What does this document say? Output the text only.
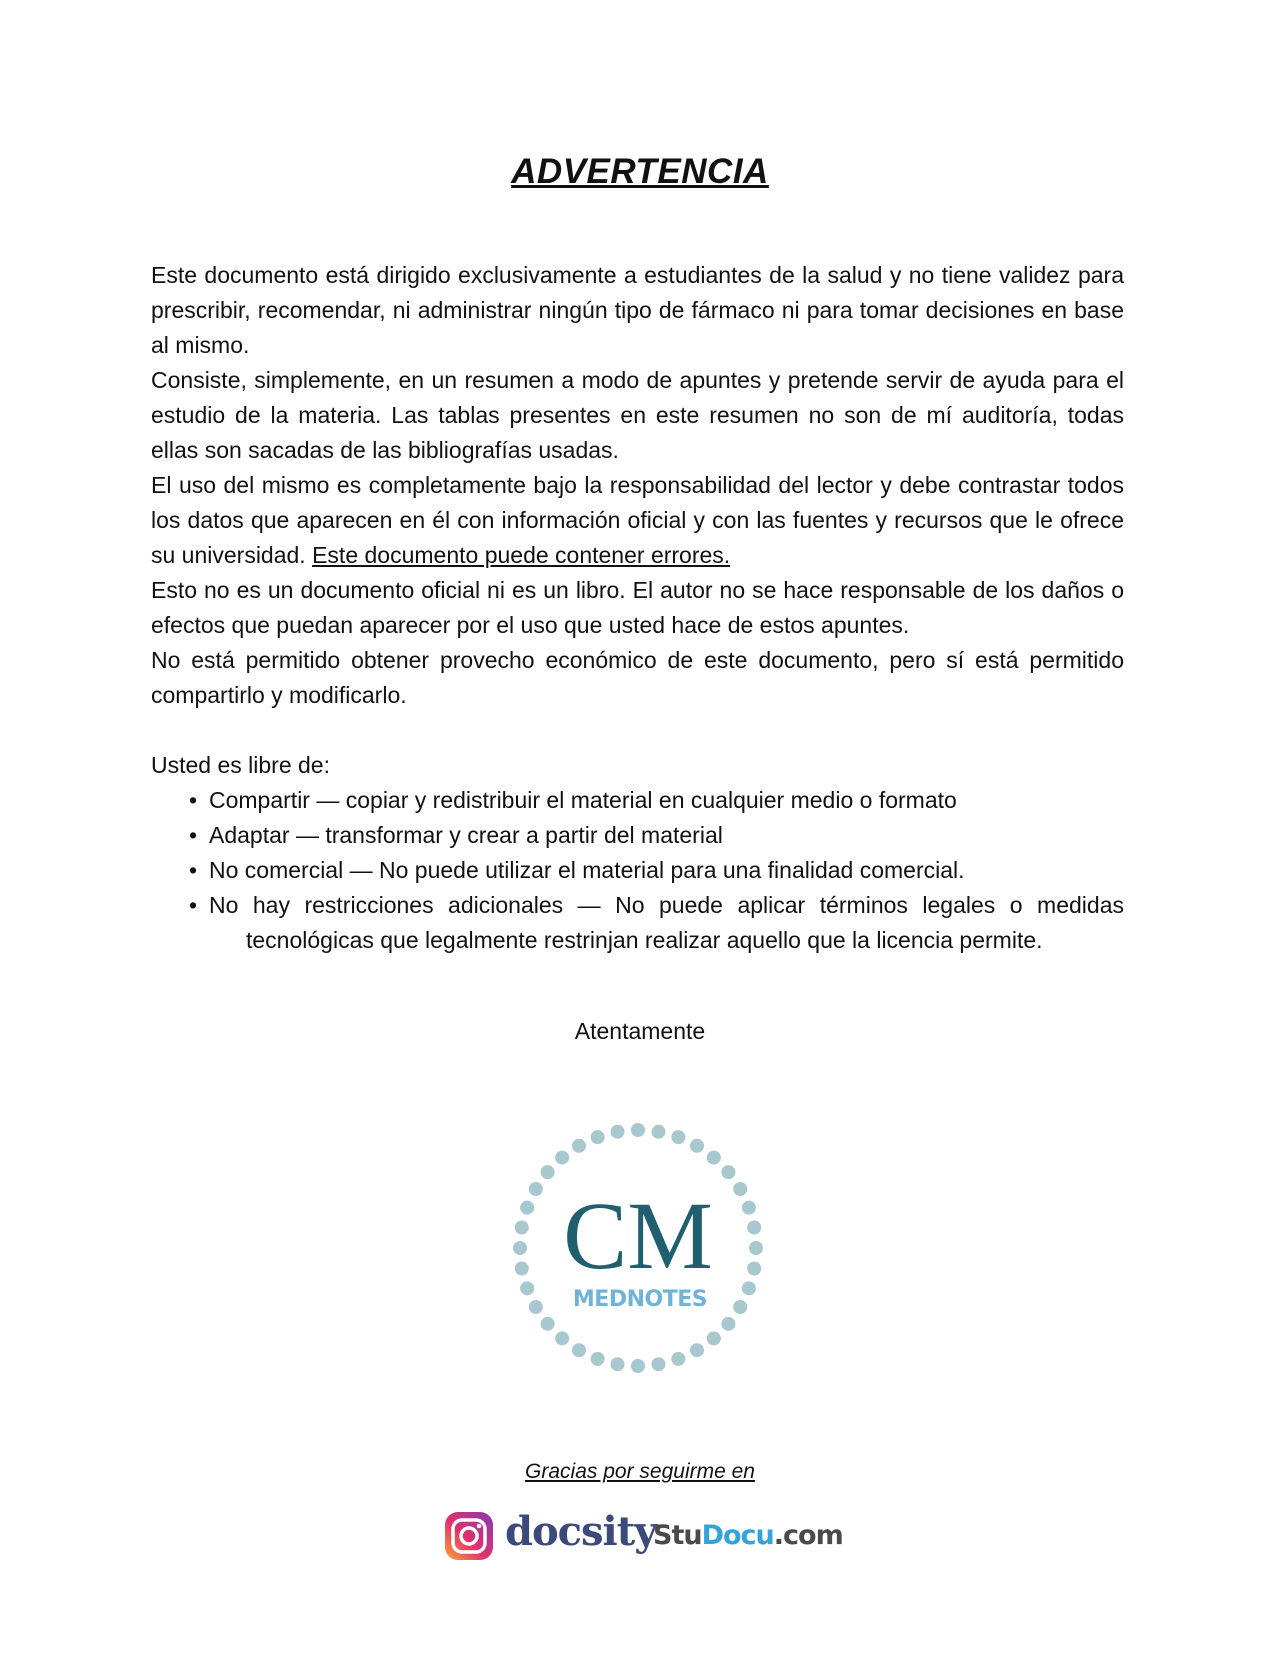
ADVERTENCIA

Este documento está dirigido exclusivamente a estudiantes de la salud y no tiene validez para prescribir, recomendar, ni administrar ningún tipo de fármaco ni para tomar decisiones en base al mismo.

Consiste, simplemente, en un resumen a modo de apuntes y pretende servir de ayuda para el estudio de la materia. Las tablas presentes en este resumen no son de mí auditoría, todas ellas son sacadas de las bibliografías usadas.

El uso del mismo es completamente bajo la responsabilidad del lector y debe contrastar todos los datos que aparecen en él con información oficial y con las fuentes y recursos que le ofrece su universidad. Este documento puede contener errores.

Esto no es un documento oficial ni es un libro. El autor no se hace responsable de los daños o efectos que puedan aparecer por el uso que usted hace de estos apuntes.

No está permitido obtener provecho económico de este documento, pero sí está permitido compartirlo y modificarlo.

Usted es libre de:

• Compartir — copiar y redistribuir el material en cualquier medio o formato
• Adaptar — transformar y crear a partir del material
• No comercial — No puede utilizar el material para una finalidad comercial.
• No hay restricciones adicionales — No puede aplicar términos legales o medidas
tecnológicas que legalmente restrinjan realizar aquello que la licencia permite.
Atentamente
CM
MEDNOTES
Gracias por seguirme en
docsity
StuDocu.com
